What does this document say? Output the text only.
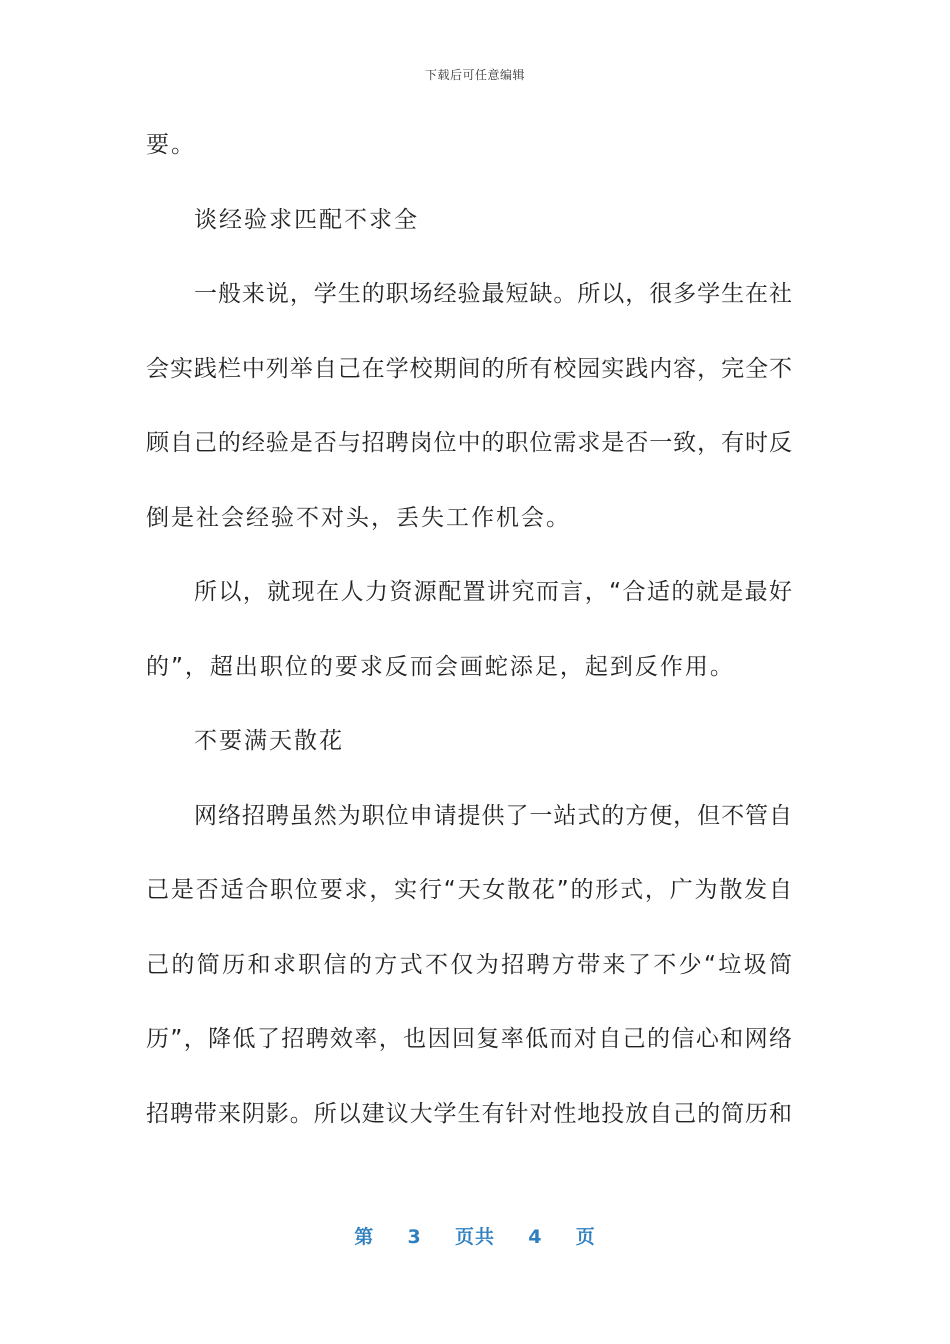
下载后可任意编辑
要。
谈经验求匹配不求全
一般来说，学生的职场经验最短缺。所以，很多学生在社
会实践栏中列举自己在学校期间的所有校园实践内容，完全不
顾自己的经验是否与招聘岗位中的职位需求是否一致，有时反
倒是社会经验不对头，丢失工作机会。
所以，就现在人力资源配置讲究而言，“合适的就是最好
的”，超出职位的要求反而会画蛇添足，起到反作用。
不要满天散花
网络招聘虽然为职位申请提供了一站式的方便，但不管自
己是否适合职位要求，实行“天女散花”的形式，广为散发自
己的简历和求职信的方式不仅为招聘方带来了不少“垃圾简
历”，降低了招聘效率，也因回复率低而对自己的信心和网络
招聘带来阴影。所以建议大学生有针对性地投放自己的简历和
第 3 页共 4 页
